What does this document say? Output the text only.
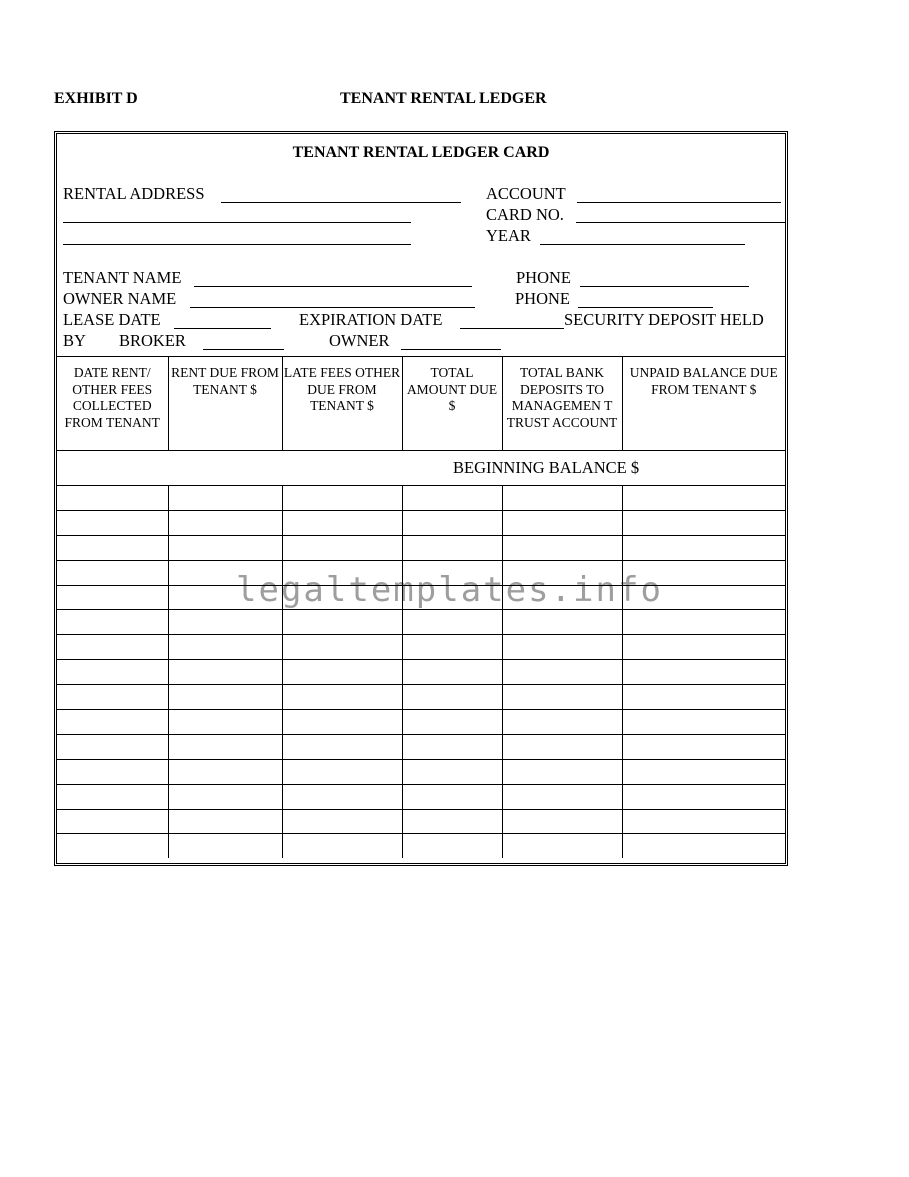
EXHIBIT D	TENANT RENTAL LEDGER
TENANT RENTAL LEDGER CARD
RENTAL ADDRESS	ACCOUNT
CARD NO.
YEAR
TENANT NAME	PHONE
OWNER NAME	PHONE
LEASE DATE	EXPIRATION DATE	SECURITY DEPOSIT HELD
BY BROKER	OWNER
DATE RENT/ OTHER FEES COLLECTED FROM TENANT	RENT DUE FROM TENANT $	LATE FEES OTHER DUE FROM TENANT $	TOTAL AMOUNT DUE $	TOTAL BANK DEPOSITS TO MANAGEMEN T TRUST ACCOUNT	UNPAID BALANCE DUE FROM TENANT $
BEGINNING BALANCE $					

legaltemplates.info
